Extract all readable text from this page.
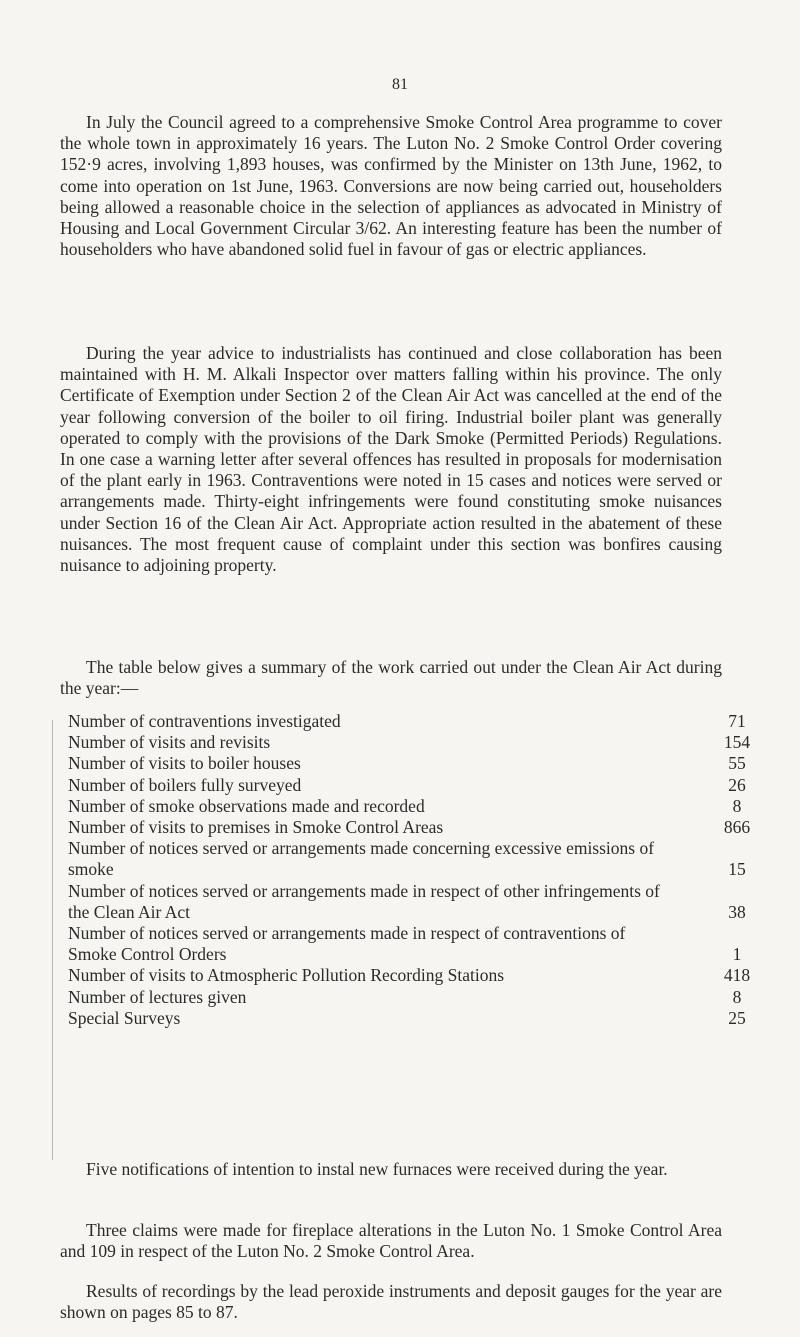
81

In July the Council agreed to a comprehensive Smoke Control Area programme to cover the whole town in approximately 16 years. The Luton No. 2 Smoke Control Order covering 152·9 acres, involving 1,893 houses, was confirmed by the Minister on 13th June, 1962, to come into operation on 1st June, 1963. Conversions are now being carried out, householders being allowed a reasonable choice in the selection of appliances as advocated in Ministry of Housing and Local Government Circular 3/62. An interesting feature has been the number of householders who have abandoned solid fuel in favour of gas or electric appliances.

During the year advice to industrialists has continued and close collaboration has been maintained with H. M. Alkali Inspector over matters falling within his province. The only Certificate of Exemption under Section 2 of the Clean Air Act was cancelled at the end of the year following conversion of the boiler to oil firing. Industrial boiler plant was generally operated to comply with the provisions of the Dark Smoke (Permitted Periods) Regulations. In one case a warning letter after several offences has resulted in proposals for modernisation of the plant early in 1963. Contraventions were noted in 15 cases and notices were served or arrangements made. Thirty-eight infringements were found constituting smoke nuisances under Section 16 of the Clean Air Act. Appropriate action resulted in the abatement of these nuisances. The most frequent cause of complaint under this section was bonfires causing nuisance to adjoining property.

The table below gives a summary of the work carried out under the Clean Air Act during the year:—

Number of contraventions investigated	71
Number of visits and revisits	154
Number of visits to boiler houses	55
Number of boilers fully surveyed	26
Number of smoke observations made and recorded	8
Number of visits to premises in Smoke Control Areas	866
Number of notices served or arrangements made concerning excessive emissions of smoke	15
Number of notices served or arrangements made in respect of other infringements of the Clean Air Act	38
Number of notices served or arrangements made in respect of contraventions of Smoke Control Orders	1
Number of visits to Atmospheric Pollution Recording Stations	418
Number of lectures given	8
Special Surveys	25

Five notifications of intention to instal new furnaces were received during the year.

Three claims were made for fireplace alterations in the Luton No. 1 Smoke Control Area and 109 in respect of the Luton No. 2 Smoke Control Area.

Results of recordings by the lead peroxide instruments and deposit gauges for the year are shown on pages 85 to 87.
